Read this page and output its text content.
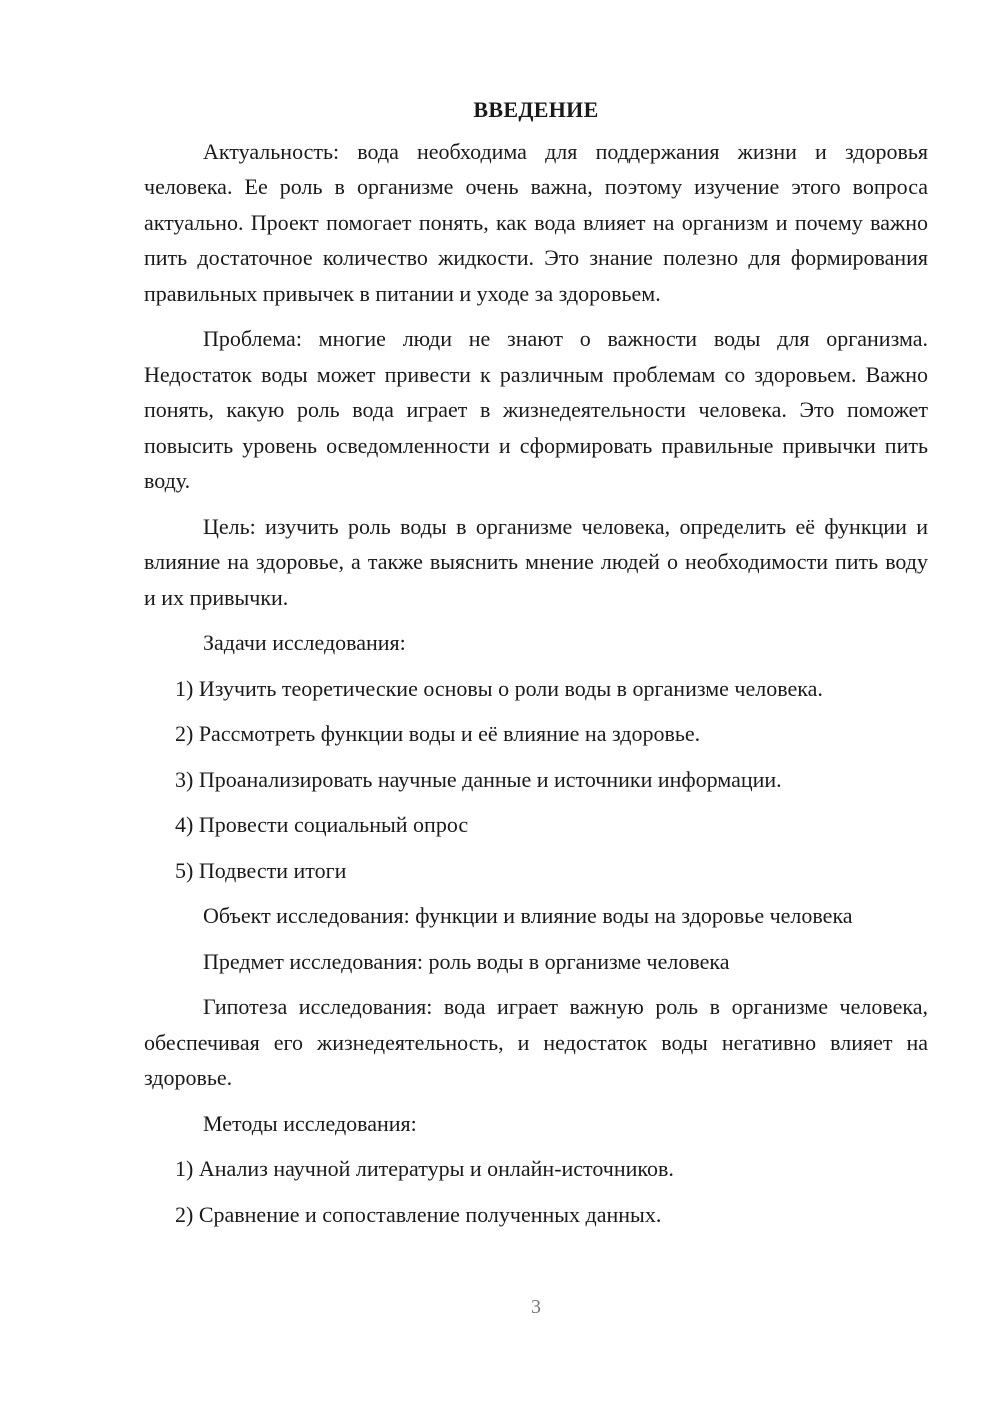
ВВЕДЕНИЕ

Актуальность: вода необходима для поддержания жизни и здоровья человека. Ее роль в организме очень важна, поэтому изучение этого вопроса актуально. Проект помогает понять, как вода влияет на организм и почему важно пить достаточное количество жидкости. Это знание полезно для формирования правильных привычек в питании и уходе за здоровьем.

Проблема: многие люди не знают о важности воды для организма. Недостаток воды может привести к различным проблемам со здоровьем. Важно понять, какую роль вода играет в жизнедеятельности человека. Это поможет повысить уровень осведомленности и сформировать правильные привычки пить воду.

Цель: изучить роль воды в организме человека, определить её функции и влияние на здоровье, а также выяснить мнение людей о необходимости пить воду и их привычки.

Задачи исследования:

1) Изучить теоретические основы о роли воды в организме человека.

2) Рассмотреть функции воды и её влияние на здоровье.

3) Проанализировать научные данные и источники информации.

4) Провести социальный опрос

5) Подвести итоги

Объект исследования: функции и влияние воды на здоровье человека

Предмет исследования: роль воды в организме человека

Гипотеза исследования: вода играет важную роль в организме человека, обеспечивая его жизнедеятельность, и недостаток воды негативно влияет на здоровье.

Методы исследования:

1) Анализ научной литературы и онлайн-источников.

2) Сравнение и сопоставление полученных данных.

3
